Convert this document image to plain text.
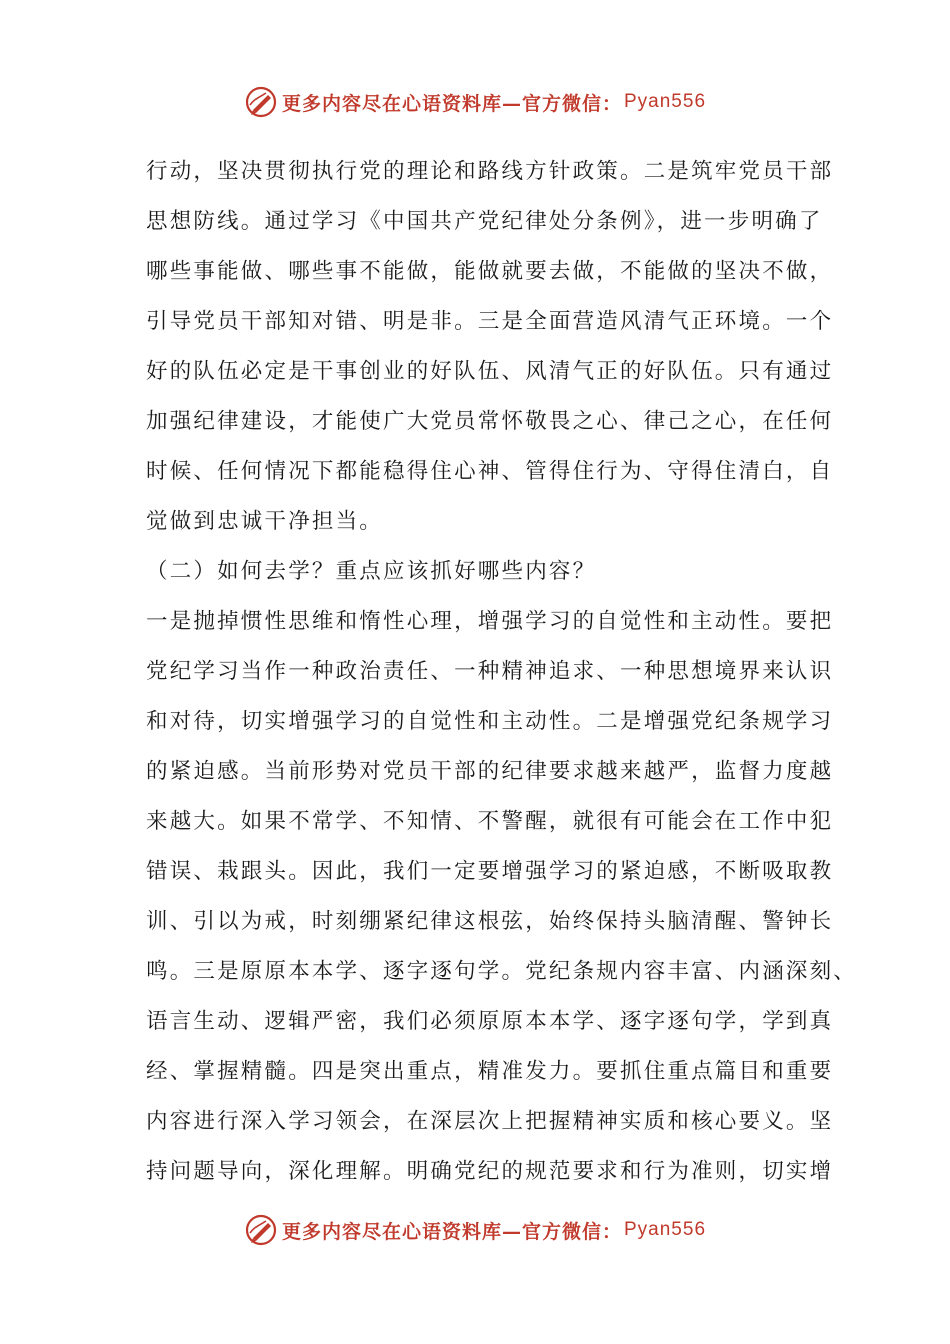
更多内容尽在心语资料库—官方微信： Pyan556
行动，坚决贯彻执行党的理论和路线方针政策。二是筑牢党员干部
思想防线。通过学习《中国共产党纪律处分条例》，进一步明确了
哪些事能做、哪些事不能做，能做就要去做，不能做的坚决不做，
引导党员干部知对错、明是非。三是全面营造风清气正环境。一个
好的队伍必定是干事创业的好队伍、风清气正的好队伍。只有通过
加强纪律建设，才能使广大党员常怀敬畏之心、律己之心，在任何
时候、任何情况下都能稳得住心神、管得住行为、守得住清白，自
觉做到忠诚干净担当。
（二）如何去学？重点应该抓好哪些内容？
一是抛掉惯性思维和惰性心理，增强学习的自觉性和主动性。要把
党纪学习当作一种政治责任、一种精神追求、一种思想境界来认识
和对待，切实增强学习的自觉性和主动性。二是增强党纪条规学习
的紧迫感。当前形势对党员干部的纪律要求越来越严，监督力度越
来越大。如果不常学、不知情、不警醒，就很有可能会在工作中犯
错误、栽跟头。因此，我们一定要增强学习的紧迫感，不断吸取教
训、引以为戒，时刻绷紧纪律这根弦，始终保持头脑清醒、警钟长
鸣。三是原原本本学、逐字逐句学。党纪条规内容丰富、内涵深刻、
语言生动、逻辑严密，我们必须原原本本学、逐字逐句学，学到真
经、掌握精髓。四是突出重点，精准发力。要抓住重点篇目和重要
内容进行深入学习领会，在深层次上把握精神实质和核心要义。坚
持问题导向，深化理解。明确党纪的规范要求和行为准则，切实增
更多内容尽在心语资料库—官方微信： Pyan556
